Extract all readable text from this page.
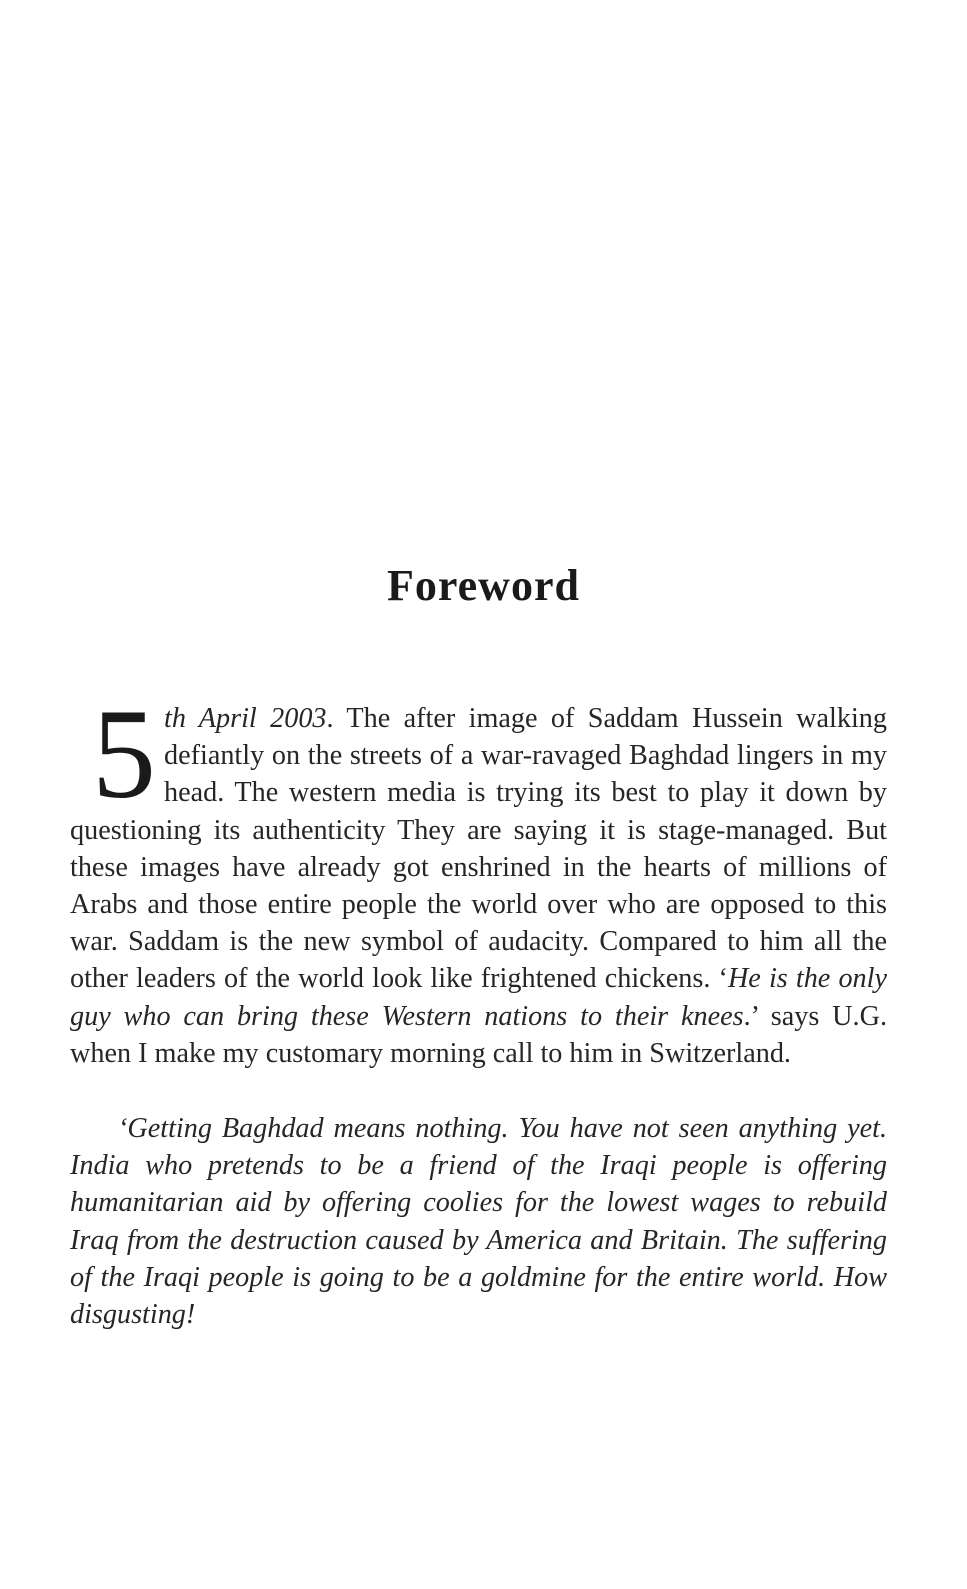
Foreword

5 th April 2003. The after image of Saddam Hussein walking defiantly on the streets of a war-ravaged Baghdad lingers in my head. The western media is trying its best to play it down by questioning its authenticity They are saying it is stage-managed. But these images have already got enshrined in the hearts of millions of Arabs and those entire people the world over who are opposed to this war. Saddam is the new symbol of audacity. Compared to him all the other leaders of the world look like frightened chickens. ‘He is the only guy who can bring these Western nations to their knees.’ says U.G. when I make my customary morning call to him in Switzerland.

‘Getting Baghdad means nothing. You have not seen anything yet. India who pretends to be a friend of the Iraqi people is offering humanitarian aid by offering coolies for the lowest wages to rebuild Iraq from the destruction caused by America and Britain. The suffering of the Iraqi people is going to be a goldmine for the entire world. How disgusting!
